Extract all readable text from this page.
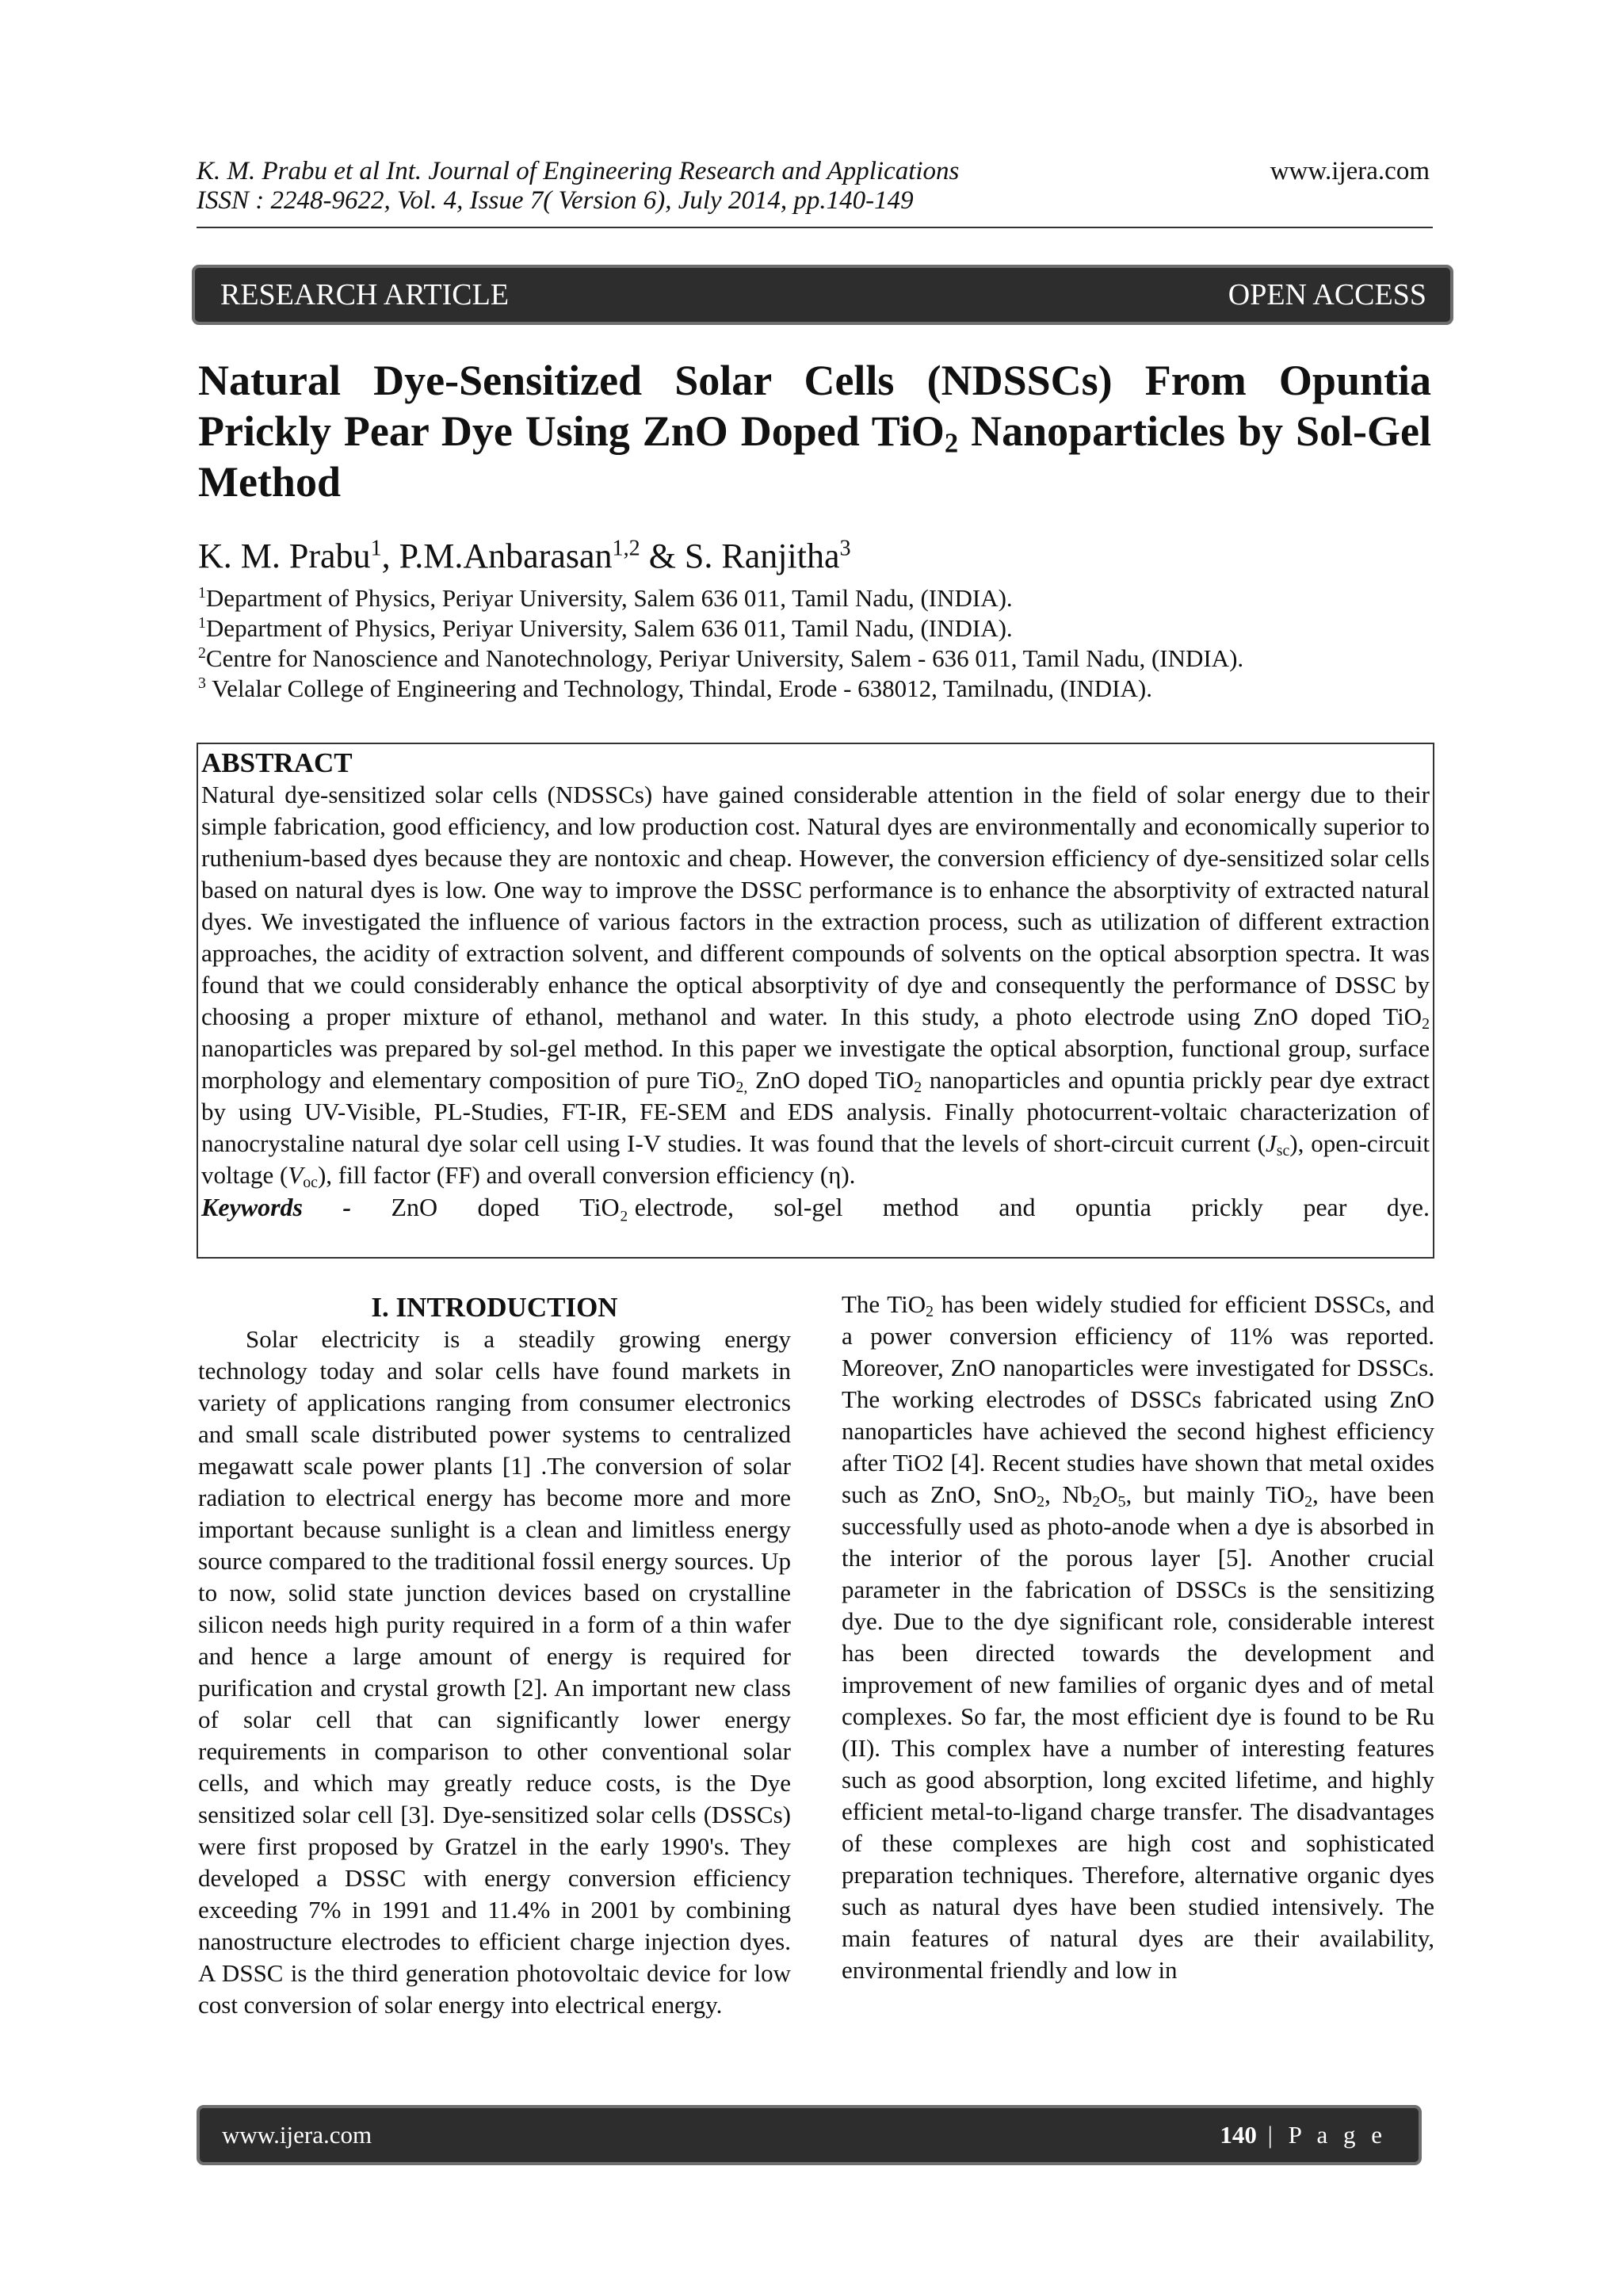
K. M. Prabu et al Int. Journal of Engineering Research and Applications
ISSN : 2248-9622, Vol. 4, Issue 7( Version 6), July 2014, pp.140-149
www.ijera.com
RESEARCH ARTICLE	OPEN ACCESS
Natural Dye-Sensitized Solar Cells (NDSSCs) From Opuntia Prickly Pear Dye Using ZnO Doped TiO$_2$ Nanoparticles by Sol-Gel Method
K. M. Prabu$^1$, P.M.Anbarasan$^{1,2}$ & S. Ranjitha$^3$
$^1$Department of Physics, Periyar University, Salem 636 011, Tamil Nadu, (INDIA).
$^1$Department of Physics, Periyar University, Salem 636 011, Tamil Nadu, (INDIA).
$^2$Centre for Nanoscience and Nanotechnology, Periyar University, Salem - 636 011, Tamil Nadu, (INDIA).
$^3$ Velalar College of Engineering and Technology, Thindal, Erode - 638012, Tamilnadu, (INDIA).
ABSTRACT

Natural dye-sensitized solar cells (NDSSCs) have gained considerable attention in the field of solar energy due to their simple fabrication, good efficiency, and low production cost. Natural dyes are environmentally and economically superior to ruthenium-based dyes because they are nontoxic and cheap. However, the conversion efficiency of dye-sensitized solar cells based on natural dyes is low. One way to improve the DSSC performance is to enhance the absorptivity of extracted natural dyes. We investigated the influence of various factors in the extraction process, such as utilization of different extraction approaches, the acidity of extraction solvent, and different compounds of solvents on the optical absorption spectra. It was found that we could considerably enhance the optical absorptivity of dye and consequently the performance of DSSC by choosing a proper mixture of ethanol, methanol and water. In this study, a photo electrode using ZnO doped TiO$_2$ nanoparticles was prepared by sol-gel method. In this paper we investigate the optical absorption, functional group, surface morphology and elementary composition of pure TiO$_{2,}$ ZnO doped TiO$_2$ nanoparticles and opuntia prickly pear dye extract by using UV-Visible, PL-Studies, FT-IR, FE-SEM and EDS analysis. Finally photocurrent-voltaic characterization of nanocrystaline natural dye solar cell using I-V studies. It was found that the levels of short-circuit current $(J_{sc})$, open-circuit voltage $(V_{oc})$, fill factor (FF) and overall conversion efficiency (η).

Keywords - ZnO doped TiO₂ electrode, sol-gel method and opuntia prickly pear dye.
I. INTRODUCTION

Solar electricity is a steadily growing energy technology today and solar cells have found markets in variety of applications ranging from consumer electronics and small scale distributed power systems to centralized megawatt scale power plants [1] .The conversion of solar radiation to electrical energy has become more and more important because sunlight is a clean and limitless energy source compared to the traditional fossil energy sources. Up to now, solid state junction devices based on crystalline silicon needs high purity required in a form of a thin wafer and hence a large amount of energy is required for purification and crystal growth [2]. An important new class of solar cell that can significantly lower energy requirements in comparison to other conventional solar cells, and which may greatly reduce costs, is the Dye sensitized solar cell [3]. Dye-sensitized solar cells (DSSCs) were first proposed by Gratzel in the early 1990's. They developed a DSSC with energy conversion efficiency exceeding 7% in 1991 and 11.4% in 2001 by combining nanostructure electrodes to efficient charge injection dyes. A DSSC is the third generation photovoltaic device for low cost conversion of solar energy into electrical energy.

The TiO$_2$ has been widely studied for efficient DSSCs, and a power conversion efficiency of 11% was reported. Moreover, ZnO nanoparticles were investigated for DSSCs. The working electrodes of DSSCs fabricated using ZnO nanoparticles have achieved the second highest efficiency after TiO2 [4]. Recent studies have shown that metal oxides such as ZnO, SnO$_2$, $Nb_2O_5$, but mainly TiO$_2$, have been successfully used as photo-anode when a dye is absorbed in the interior of the porous layer [5]. Another crucial parameter in the fabrication of DSSCs is the sensitizing dye. Due to the dye significant role, considerable interest has been directed towards the development and improvement of new families of organic dyes and of metal complexes. So far, the most efficient dye is found to be Ru (II). This complex have a number of interesting features such as good absorption, long excited lifetime, and highly efficient metal-to-ligand charge transfer. The disadvantages of these complexes are high cost and sophisticated preparation techniques. Therefore, alternative organic dyes such as natural dyes have been studied intensively. The main features of natural dyes are their availability, environmental friendly and low in

www.ijera.com	140 | P a g e
